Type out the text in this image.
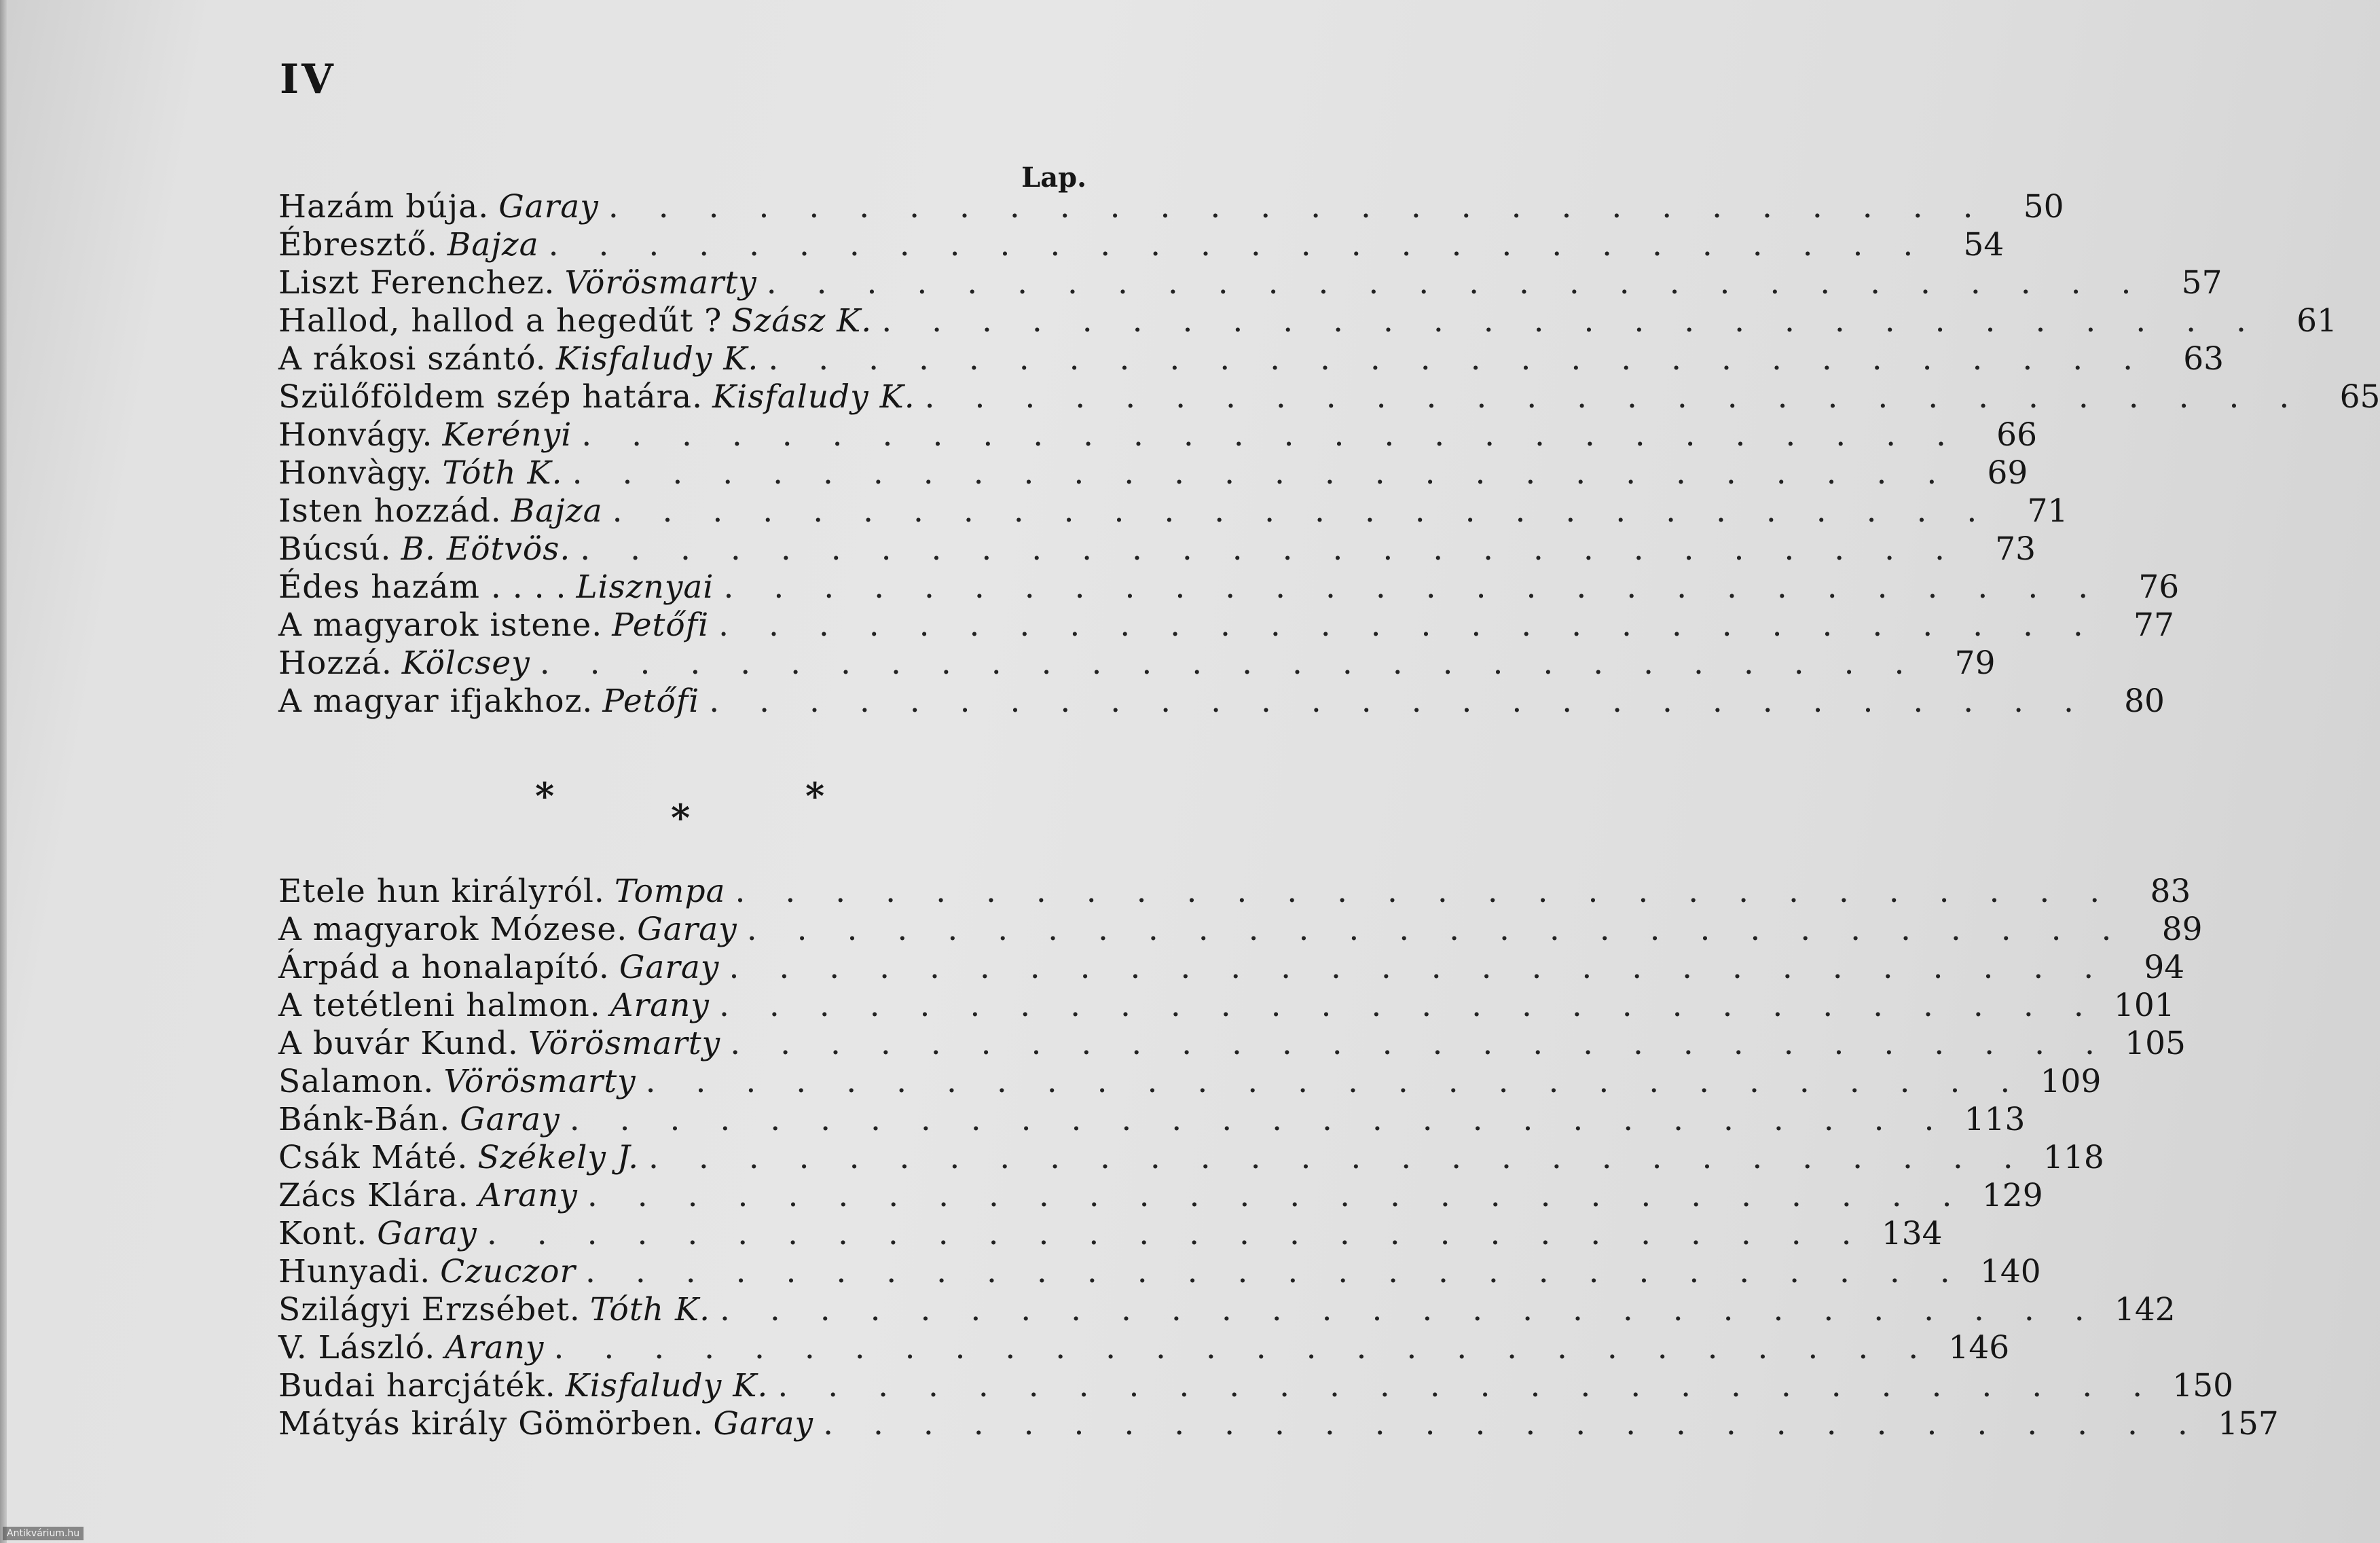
IV
Lap.
Hazám búja. Garay . . . . . . . . . . . . . . . . . . . . . . . . . . . .	50
Ébresztő. Bajza . . . . . . . . . . . . . . . . . . . . . . . . . . . .	54
Liszt Ferenchez. Vörösmarty . . . . . . . . . . . . . . . . . . . . . . . . . . . .	57
Hallod, hallod a hegedűt ? Szász K. . . . . . . . . . . . . . . . . . . . . . . . . . . . .	61
A rákosi szántó. Kisfaludy K. . . . . . . . . . . . . . . . . . . . . . . . . . . . .	63
Szülőföldem szép határa. Kisfaludy K. . . . . . . . . . . . . . . . . . . . . . . . . . . . .	65
Honvágy. Kerényi . . . . . . . . . . . . . . . . . . . . . . . . . . . .	66
Honvàgy. Tóth K. . . . . . . . . . . . . . . . . . . . . . . . . . . . .	69
Isten hozzád. Bajza . . . . . . . . . . . . . . . . . . . . . . . . . . . .	71
Búcsú. B. Eötvös. . . . . . . . . . . . . . . . . . . . . . . . . . . . .	73
Édes hazám . . . . Lisznyai . . . . . . . . . . . . . . . . . . . . . . . . . . . .	76
A magyarok istene. Petőfi . . . . . . . . . . . . . . . . . . . . . . . . . . . .	77
Hozzá. Kölcsey . . . . . . . . . . . . . . . . . . . . . . . . . . . .	79
A magyar ifjakhoz. Petőfi . . . . . . . . . . . . . . . . . . . . . . . . . . . .	80
*	*
*
Etele hun királyról. Tompa . . . . . . . . . . . . . . . . . . . . . . . . . . . .	83
A magyarok Mózese. Garay . . . . . . . . . . . . . . . . . . . . . . . . . . . .	89
Árpád a honalapító. Garay . . . . . . . . . . . . . . . . . . . . . . . . . . . .	94
A tetétleni halmon. Arany . . . . . . . . . . . . . . . . . . . . . . . . . . . . 101
A buvár Kund. Vörösmarty . . . . . . . . . . . . . . . . . . . . . . . . . . . . 105
Salamon. Vörösmarty . . . . . . . . . . . . . . . . . . . . . . . . . . . . 109
Bánk-Bán. Garay . . . . . . . . . . . . . . . . . . . . . . . . . . . . 113
Csák Máté. Székely J. . . . . . . . . . . . . . . . . . . . . . . . . . . . . 118
Zács Klára. Arany . . . . . . . . . . . . . . . . . . . . . . . . . . . . 129
Kont. Garay . . . . . . . . . . . . . . . . . . . . . . . . . . . . 134
Hunyadi. Czuczor . . . . . . . . . . . . . . . . . . . . . . . . . . . . 140
Szilágyi Erzsébet. Tóth K. . . . . . . . . . . . . . . . . . . . . . . . . . . . . 142
V. László. Arany . . . . . . . . . . . . . . . . . . . . . . . . . . . . 146
Budai harcjáték. Kisfaludy K. . . . . . . . . . . . . . . . . . . . . . . . . . . . . 150
Mátyás király Gömörben. Garay . . . . . . . . . . . . . . . . . . . . . . . . . . . . 157
Antikvárium.hu
